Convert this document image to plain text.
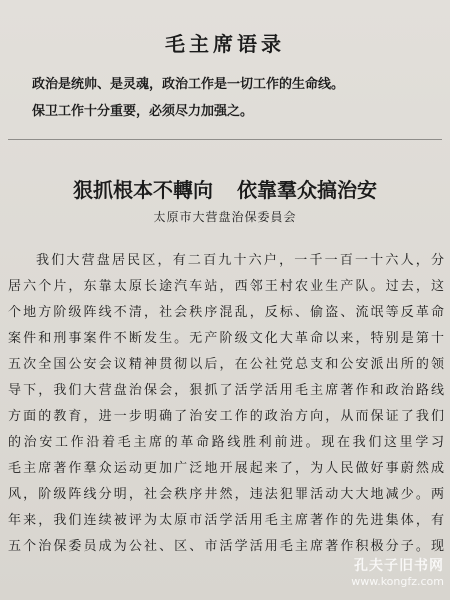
毛主席语录
政治是统帅、是灵魂，政治工作是一切工作的生命线。
保卫工作十分重要，必须尽力加强之。
狠抓根本不轉向 依靠羣众搞治安
太原市大营盘治保委員会
我们大营盘居民区，有二百九十六户，一千一百一十六人，分
居六个片，东靠太原长途汽车站，西邻王村农业生产队。过去，这
个地方阶级阵线不清，社会秩序混乱，反标、偷盗、流氓等反革命
案件和刑事案件不断发生。无产阶级文化大革命以来，特别是第十
五次全国公安会议精神贯彻以后，在公社党总支和公安派出所的领
导下，我们大营盘治保会，狠抓了活学活用毛主席著作和政治路线
方面的教育，进一步明确了治安工作的政治方向，从而保证了我们
的治安工作沿着毛主席的革命路线胜利前进。现在我们这里学习
毛主席著作羣众运动更加广泛地开展起来了，为人民做好事蔚然成
风，阶级阵线分明，社会秩序井然，违法犯罪活动大大地减少。两
年来，我们连续被评为太原市活学活用毛主席著作的先进集体，有
五个治保委员成为公社、区、市活学活用毛主席著作积极分子。现
孔夫子旧书网
www.kongfz.com
